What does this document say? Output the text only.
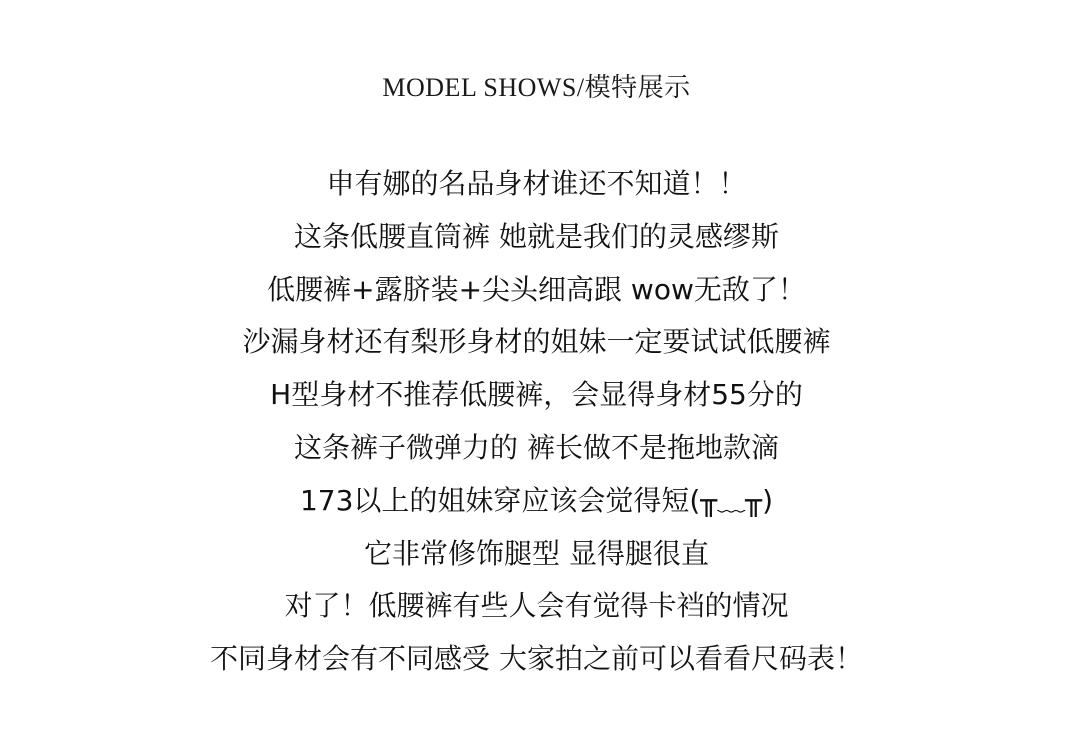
MODEL SHOWS/模特展示
申有娜的名品身材谁还不知道！！
这条低腰直筒裤 她就是我们的灵感缪斯
低腰裤+露脐装+尖头细高跟 wow无敌了！
沙漏身材还有梨形身材的姐妹一定要试试低腰裤
H型身材不推荐低腰裤，会显得身材55分的
这条裤子微弹力的 裤长做不是拖地款滴
173以上的姐妹穿应该会觉得短(╥﹏╥)
它非常修饰腿型 显得腿很直
对了！低腰裤有些人会有觉得卡裆的情况
不同身材会有不同感受 大家拍之前可以看看尺码表！
